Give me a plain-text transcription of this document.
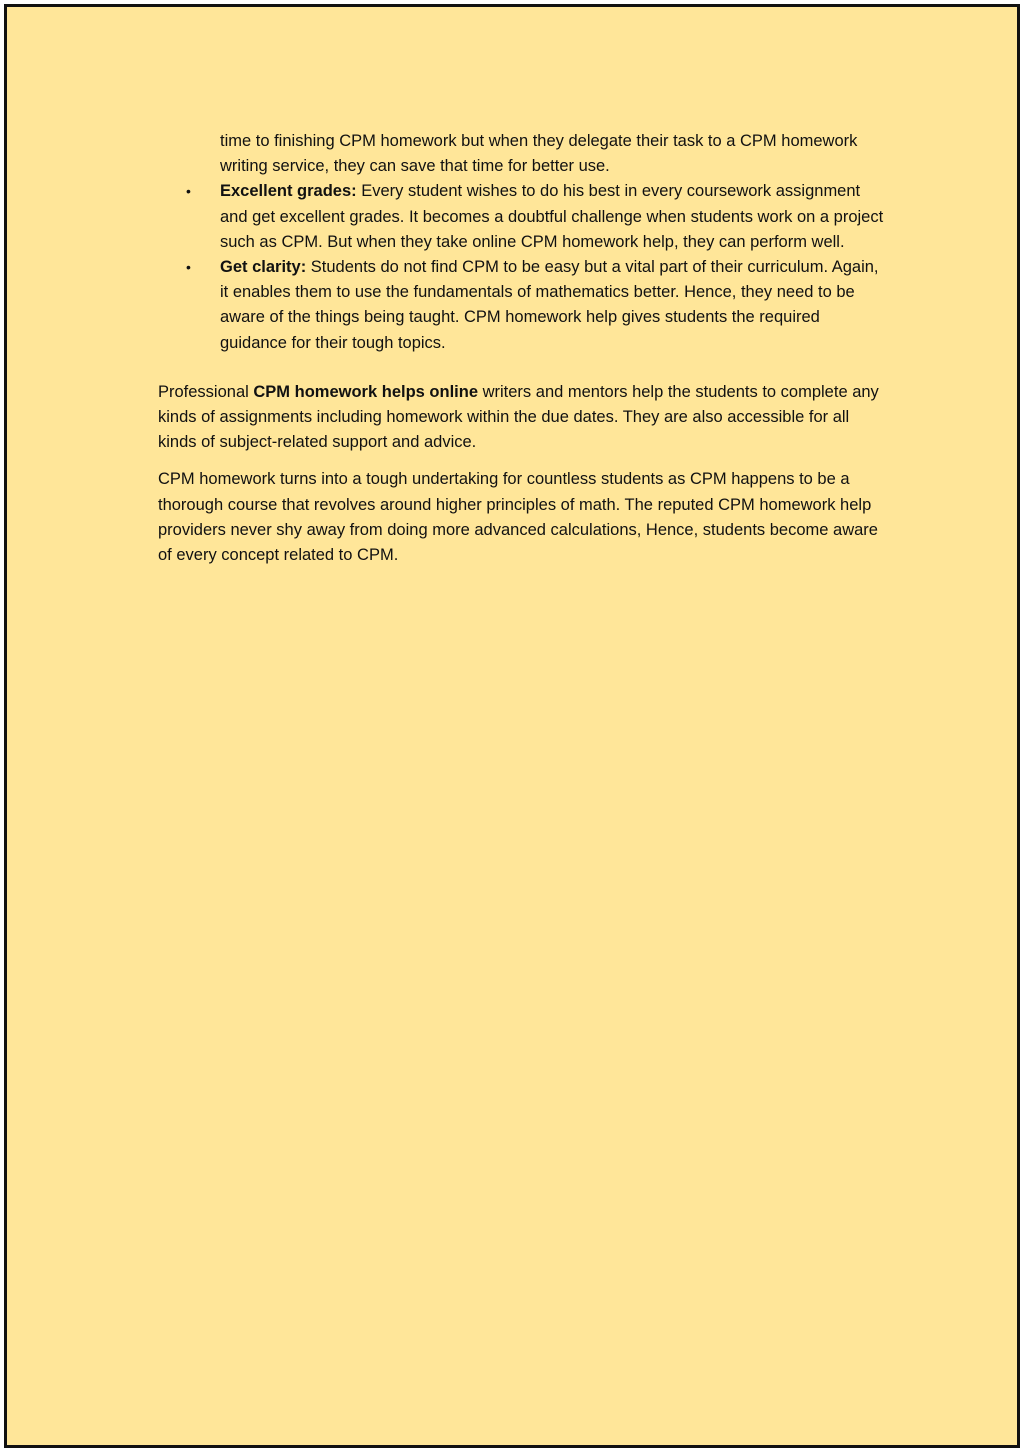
time to finishing CPM homework but when they delegate their task to a CPM homework writing service, they can save that time for better use.
• Excellent grades: Every student wishes to do his best in every coursework assignment and get excellent grades. It becomes a doubtful challenge when students work on a project such as CPM. But when they take online CPM homework help, they can perform well.
• Get clarity: Students do not find CPM to be easy but a vital part of their curriculum. Again, it enables them to use the fundamentals of mathematics better. Hence, they need to be aware of the things being taught. CPM homework help gives students the required guidance for their tough topics.

Professional CPM homework helps online writers and mentors help the students to complete any kinds of assignments including homework within the due dates. They are also accessible for all kinds of subject-related support and advice.

CPM homework turns into a tough undertaking for countless students as CPM happens to be a thorough course that revolves around higher principles of math. The reputed CPM homework help providers never shy away from doing more advanced calculations, Hence, students become aware of every concept related to CPM.
